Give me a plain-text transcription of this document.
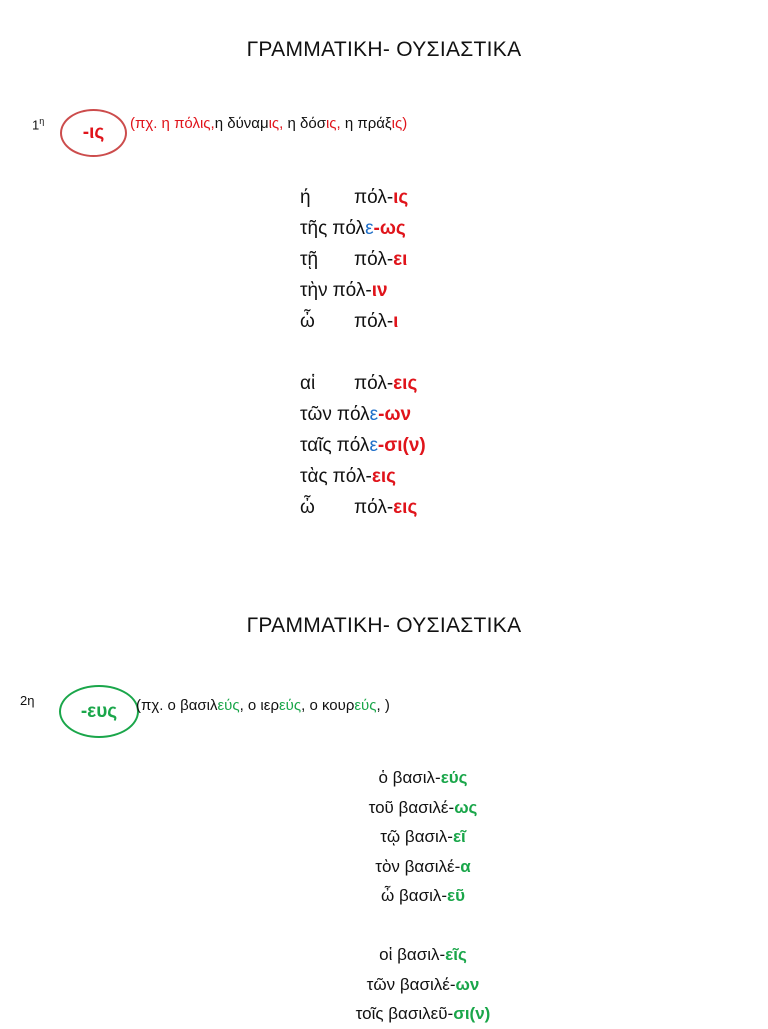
ΓΡΑΜΜΑΤΙΚΗ- ΟΥΣΙΑΣΤΙΚΑ
$1^\eta$
-ις (πχ. η πόλις,η δύναμις, η δόσις, η πράξις)
ή πόλ-ις
τῆς πόλε-ως
τῇ πόλ-ει
τὴν πόλ-ιν
ὦ πόλ-ι
αἱ πόλ-εις
τῶν πόλε-ων
ταῖς πόλε-σι(ν)
τὰς πόλ-εις
ὦ πόλ-εις
ΓΡΑΜΜΑΤΙΚΗ- ΟΥΣΙΑΣΤΙΚΑ
2η -ευς (πχ. ο βασιλεύς, ο ιερεύς, ο κουρεύς, )
ὁ βασιλ-εύς
τοῦ βασιλέ-ως
τῷ βασιλ-εῖ
τὸν βασιλέ-α
ὦ βασιλ-εῦ
οἱ βασιλ-εῖς
τῶν βασιλέ-ων
τοῖς βασιλεῦ-σι(ν)
